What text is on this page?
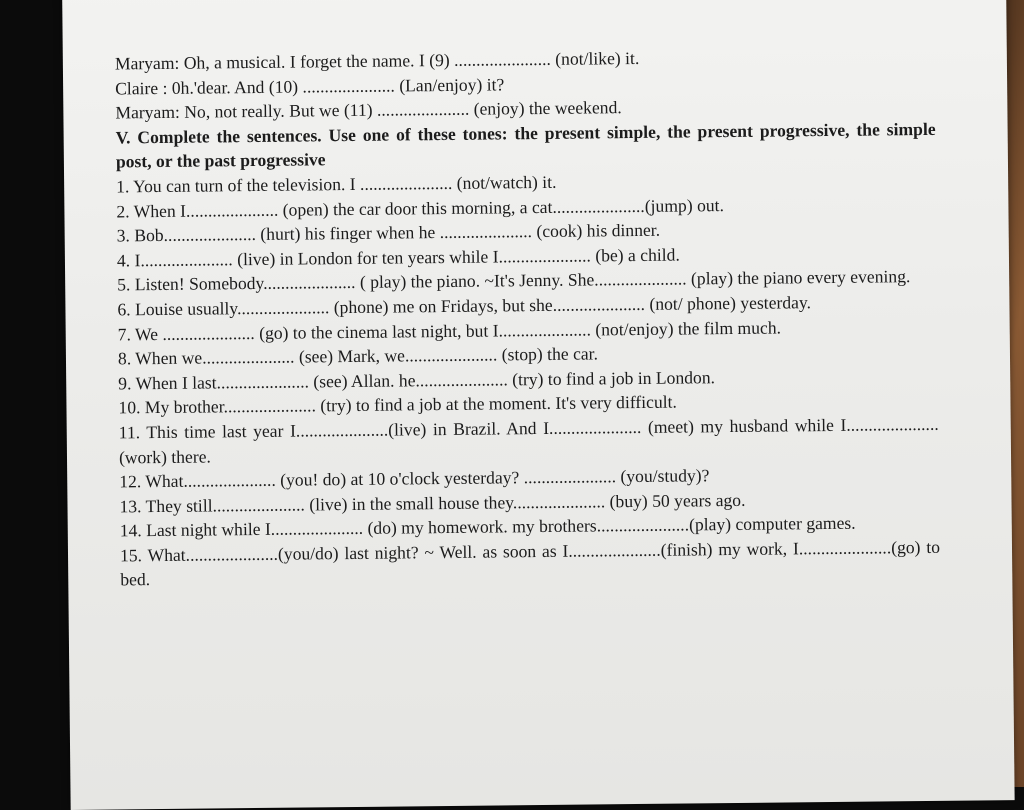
Maryam: Oh, a musical. I forget the name. I (9) ...................... (not/like) it.
Claire : 0h.'dear. And (10) ..................... (Lan/enjoy) it?
Maryam: No, not really. But we (11) ..................... (enjoy) the weekend.
V. Complete the sentences. Use one of these tones: the present simple, the present progressive, the simple post, or the past progressive
1. You can turn of the television. I ..................... (not/watch) it.
2. When I..................... (open) the car door this morning, a cat.....................(jump) out.
3. Bob..................... (hurt) his finger when he ..................... (cook) his dinner.
4. I..................... (live) in London for ten years while I..................... (be) a child.
5. Listen! Somebody..................... ( play) the piano. ~It's Jenny. She..................... (play) the piano every evening.
6. Louise usually..................... (phone) me on Fridays, but she..................... (not/ phone) yesterday.
7. We ..................... (go) to the cinema last night, but I..................... (not/enjoy) the film much.
8. When we..................... (see) Mark, we..................... (stop) the car.
9. When I last..................... (see) Allan. he..................... (try) to find a job in London.
10. My brother..................... (try) to find a job at the moment. It's very difficult.
11. This time last year I.....................(live) in Brazil. And I..................... (meet) my husband while I.....................(work) there.
12. What..................... (you! do) at 10 o'clock yesterday? ..................... (you/study)?
13. They still..................... (live) in the small house they..................... (buy) 50 years ago.
14. Last night while I..................... (do) my homework. my brothers.....................(play) computer games.
15. What.....................(you/do) last night? ~ Well. as soon as I.....................(finish) my work, I.....................(go) to bed.
